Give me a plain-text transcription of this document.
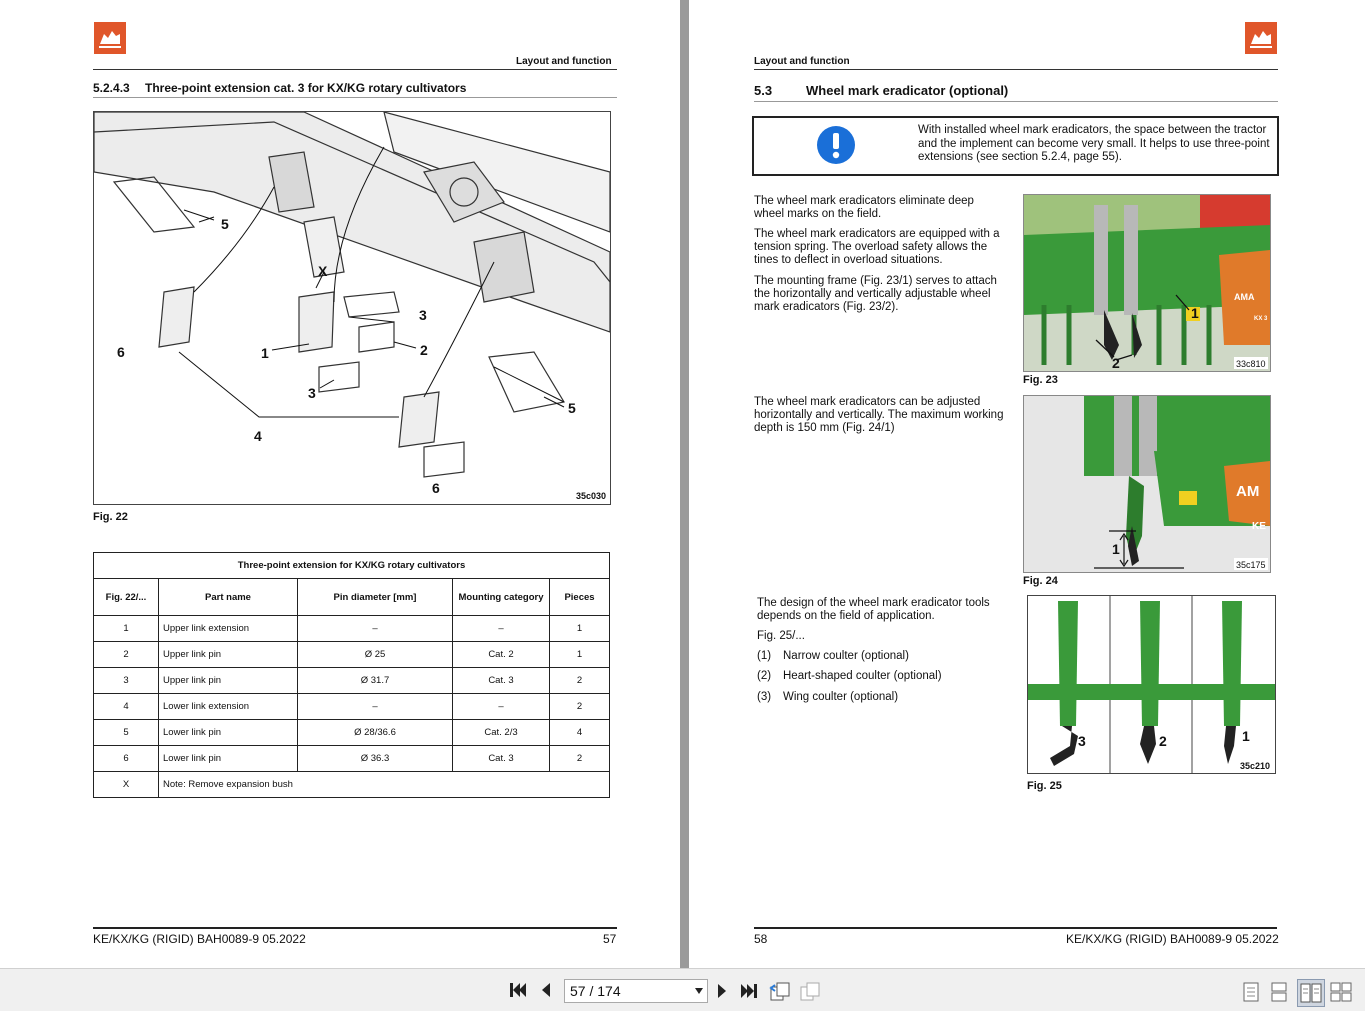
Layout and function
5.2.4.3 Three-point extension cat. 3 for KX/KG rotary cultivators
5
X
3
2
1
6
3
4
5
6	35c030
Fig. 22
Three-point extension for KX/KG rotary cultivators				
Fig. 22/...	Part name	Pin diameter [mm]	Mounting category	Pieces
1	Upper link extension	–	–	1
2	Upper link pin	Ø 25	Cat. 2	1
3	Upper link pin	Ø 31.7	Cat. 3	2
4	Lower link extension	–	–	2
5	Lower link pin	Ø 28/36.6	Cat. 2/3	4
6	Lower link pin	Ø 36.3	Cat. 3	2
X	Note: Remove expansion bush			
KE/KX/KG (RIGID) BAH0089-9 05.2022	57
Layout and function
5.3	Wheel mark eradicator (optional)
With installed wheel mark eradicators, the space between the tractor and the implement can become very small. It helps to use three-point extensions (see section 5.2.4, page 55).
The wheel mark eradicators eliminate deep wheel marks on the field.
The wheel mark eradicators are equipped with a tension spring. The overload safety allows the tines to deflect in overload situations.
The mounting frame (Fig. 23/1) serves to attach the horizontally and vertically adjustable wheel mark eradicators (Fig. 23/2).
The wheel mark eradicators can be adjusted horizontally and vertically. The maximum working depth is 150 mm (Fig. 24/1)
The design of the wheel mark eradicator tools depends on the field of application.
Fig. 25/...
(1) Narrow coulter (optional)
(2) Heart-shaped coulter (optional)
(3) Wing coulter (optional)
AMA
KX 3
1
2	33c810
Fig. 23
AM
KE
1
35c175
Fig. 24
3	2	1
35c210
Fig. 25
58	KE/KX/KG (RIGID) BAH0089-9 05.2022
57 / 174
